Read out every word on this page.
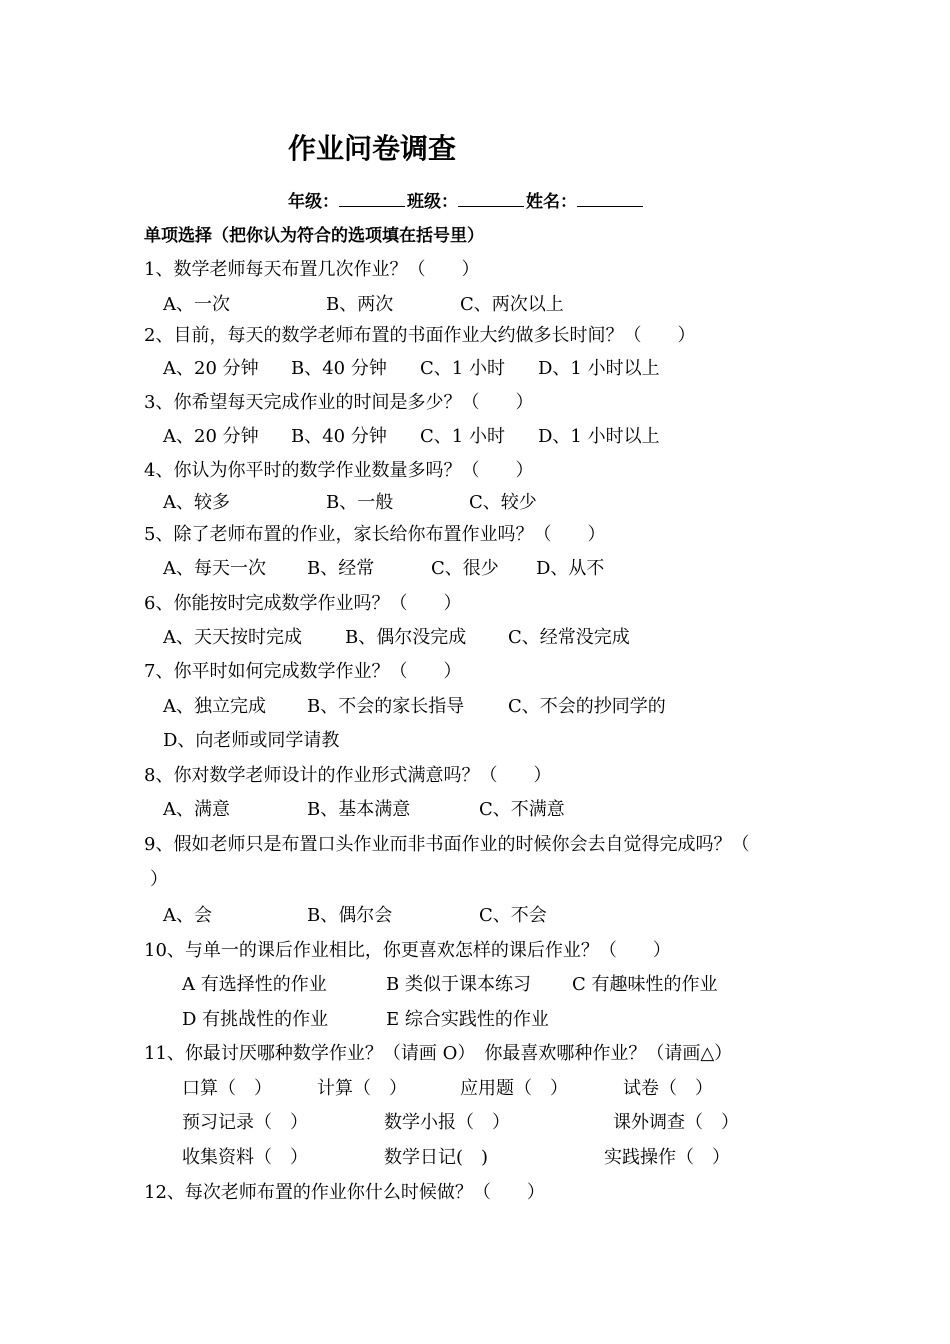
作业问卷调查
年级：	班级：	姓名：
单项选择（把你认为符合的选项填在括号里）
1、数学老师每天布置几次作业？（　　）
A、一次	B、两次	C、两次以上
2、目前，每天的数学老师布置的书面作业大约做多长时间？（　　）
A、20 分钟 B、40 分钟 C、1 小时 D、1 小时以上
3、你希望每天完成作业的时间是多少？（　　）
A、20 分钟 B、40 分钟 C、1 小时 D、1 小时以上
4、你认为你平时的数学作业数量多吗？（　　）
A、较多	B、一般	C、较少
5、除了老师布置的作业，家长给你布置作业吗？（　　）
A、每天一次 B、经常	C、很少 D、从不
6、你能按时完成数学作业吗？（　　）
A、天天按时完成 B、偶尔没完成 C、经常没完成
7、你平时如何完成数学作业？（　　）
A、独立完成 B、不会的家长指导 C、不会的抄同学的
D、向老师或同学请教
8、你对数学老师设计的作业形式满意吗？（　　）
A、满意	B、基本满意	C、不满意
9、假如老师只是布置口头作业而非书面作业的时候你会去自觉得完成吗？（
）
A、会	B、偶尔会	C、不会
10、与单一的课后作业相比，你更喜欢怎样的课后作业？（　　）
A 有选择性的作业	B 类似于课本练习 C 有趣味性的作业
D 有挑战性的作业	E 综合实践性的作业
11、你最讨厌哪种数学作业？（请画 O）　你最喜欢哪种作业？（请画△）
口算（　）	计算（　）	应用题（　）	试卷（　）
预习记录（　）	数学小报（　）	课外调查（　）
收集资料（　）	数学日记(　)	实践操作（　）
12、每次老师布置的作业你什么时候做？（　　）
